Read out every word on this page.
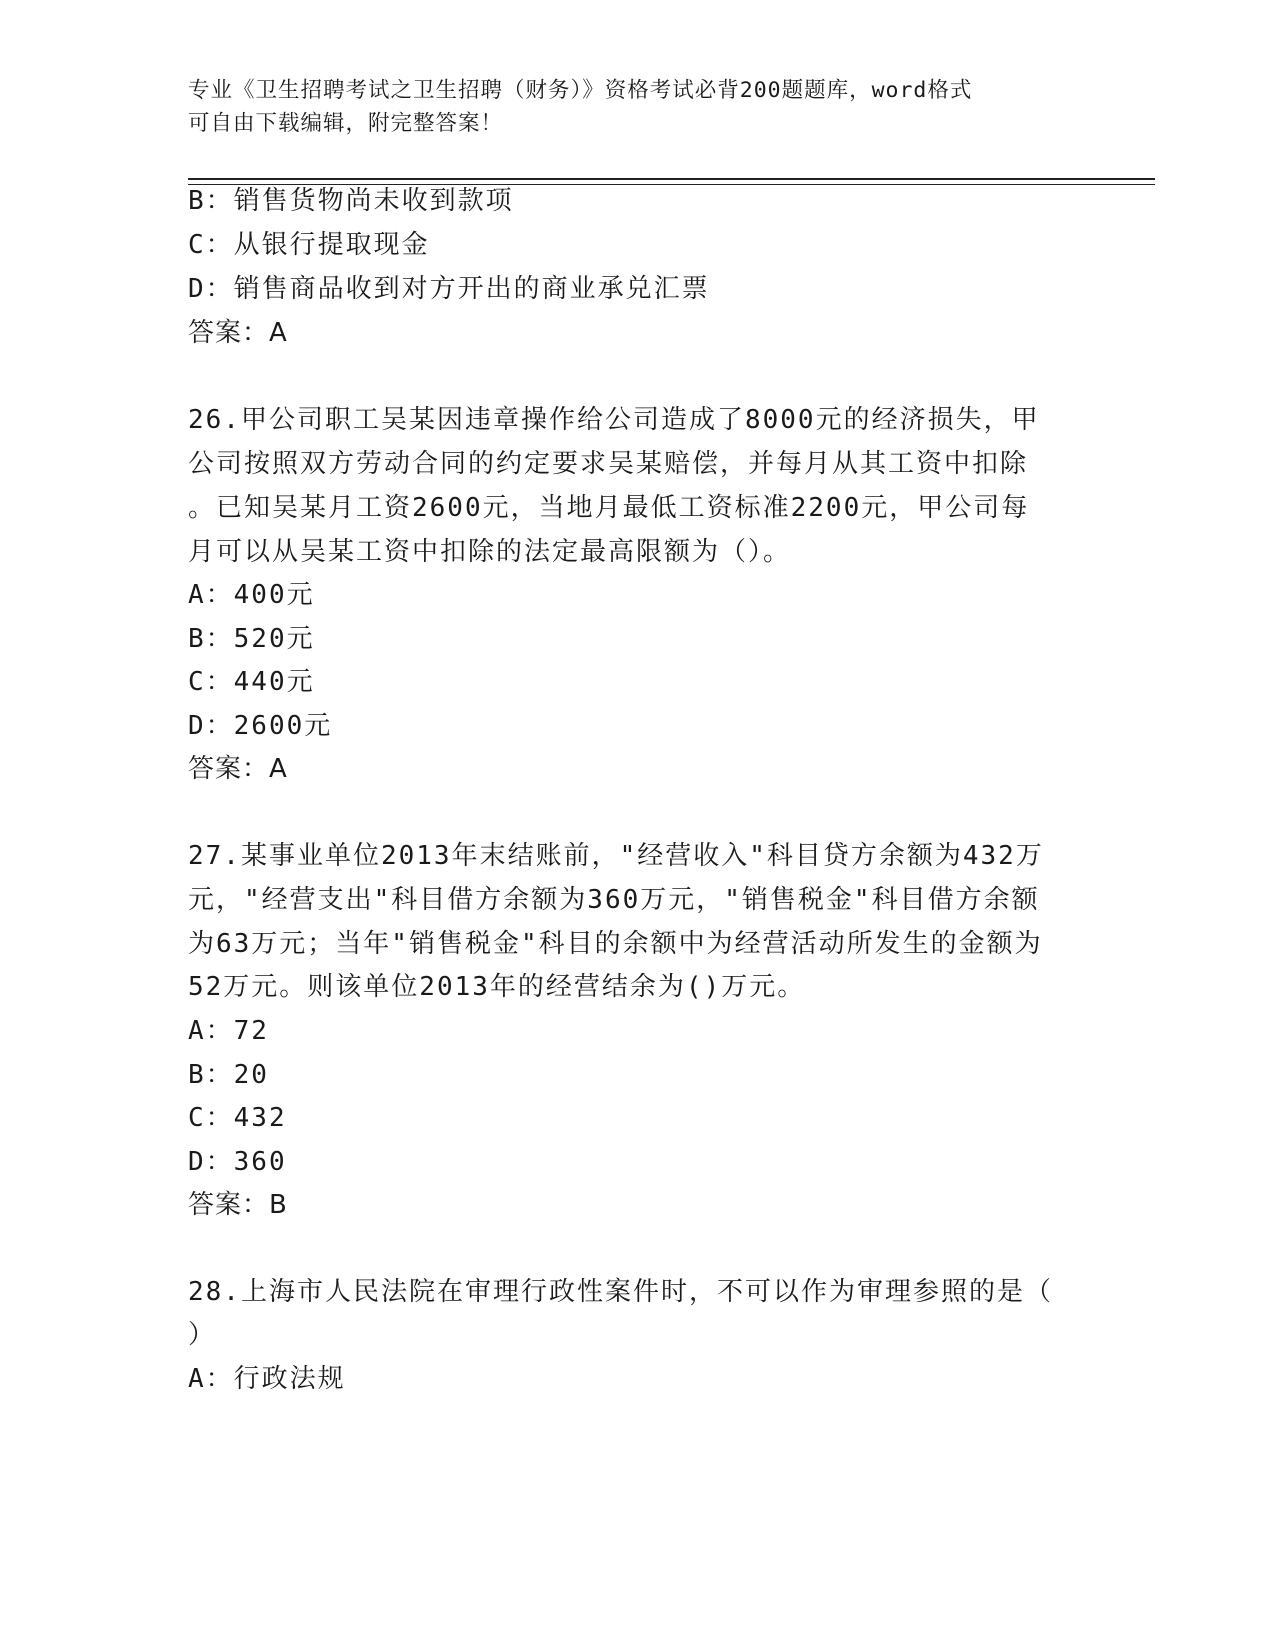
专业《卫生招聘考试之卫生招聘（财务）》资格考试必背200题题库，word格式
可自由下载编辑，附完整答案！
B：销售货物尚未收到款项
C：从银行提取现金
D：销售商品收到对方开出的商业承兑汇票
答案：A
26.甲公司职工吴某因违章操作给公司造成了8000元的经济损失，甲
公司按照双方劳动合同的约定要求吴某赔偿，并每月从其工资中扣除
。已知吴某月工资2600元，当地月最低工资标准2200元，甲公司每
月可以从吴某工资中扣除的法定最高限额为（）。
A：400元
B：520元
C：440元
D：2600元
答案：A
27.某事业单位2013年末结账前，"经营收入"科目贷方余额为432万
元，"经营支出"科目借方余额为360万元，"销售税金"科目借方余额
为63万元；当年"销售税金"科目的余额中为经营活动所发生的金额为
52万元。则该单位2013年的经营结余为()万元。
A：72
B：20
C：432
D：360
答案：B
28.上海市人民法院在审理行政性案件时，不可以作为审理参照的是（
）
A：行政法规
